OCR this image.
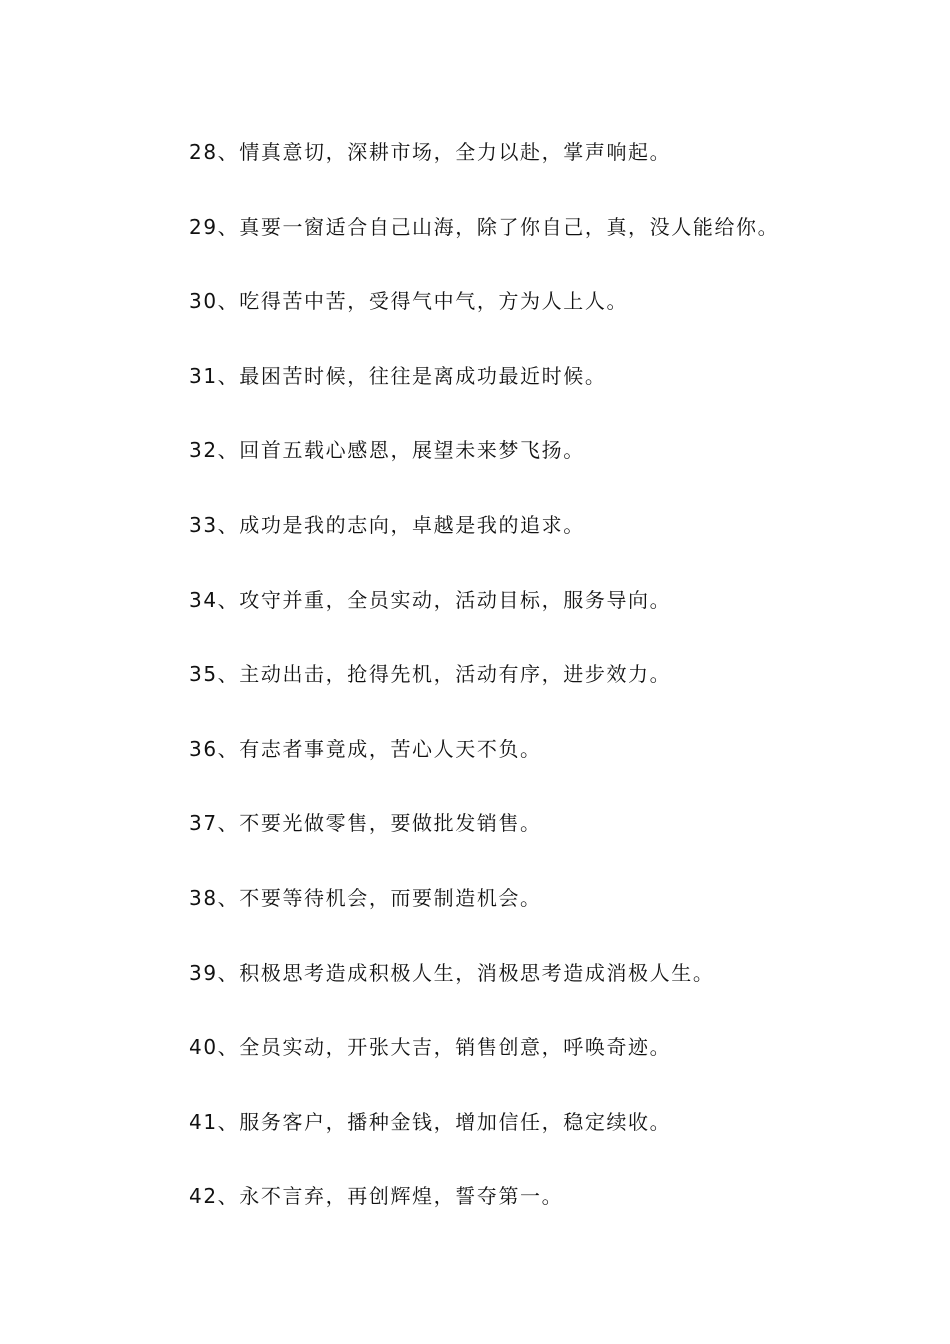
28、情真意切，深耕市场，全力以赴，掌声响起。
29、真要一窗适合自己山海，除了你自己，真，没人能给你。
30、吃得苦中苦，受得气中气，方为人上人。
31、最困苦时候，往往是离成功最近时候。
32、回首五载心感恩，展望未来梦飞扬。
33、成功是我的志向，卓越是我的追求。
34、攻守并重，全员实动，活动目标，服务导向。
35、主动出击，抢得先机，活动有序，进步效力。
36、有志者事竟成，苦心人天不负。
37、不要光做零售，要做批发销售。
38、不要等待机会，而要制造机会。
39、积极思考造成积极人生，消极思考造成消极人生。
40、全员实动，开张大吉，销售创意，呼唤奇迹。
41、服务客户，播种金钱，增加信任，稳定续收。
42、永不言弃，再创辉煌，誓夺第一。
